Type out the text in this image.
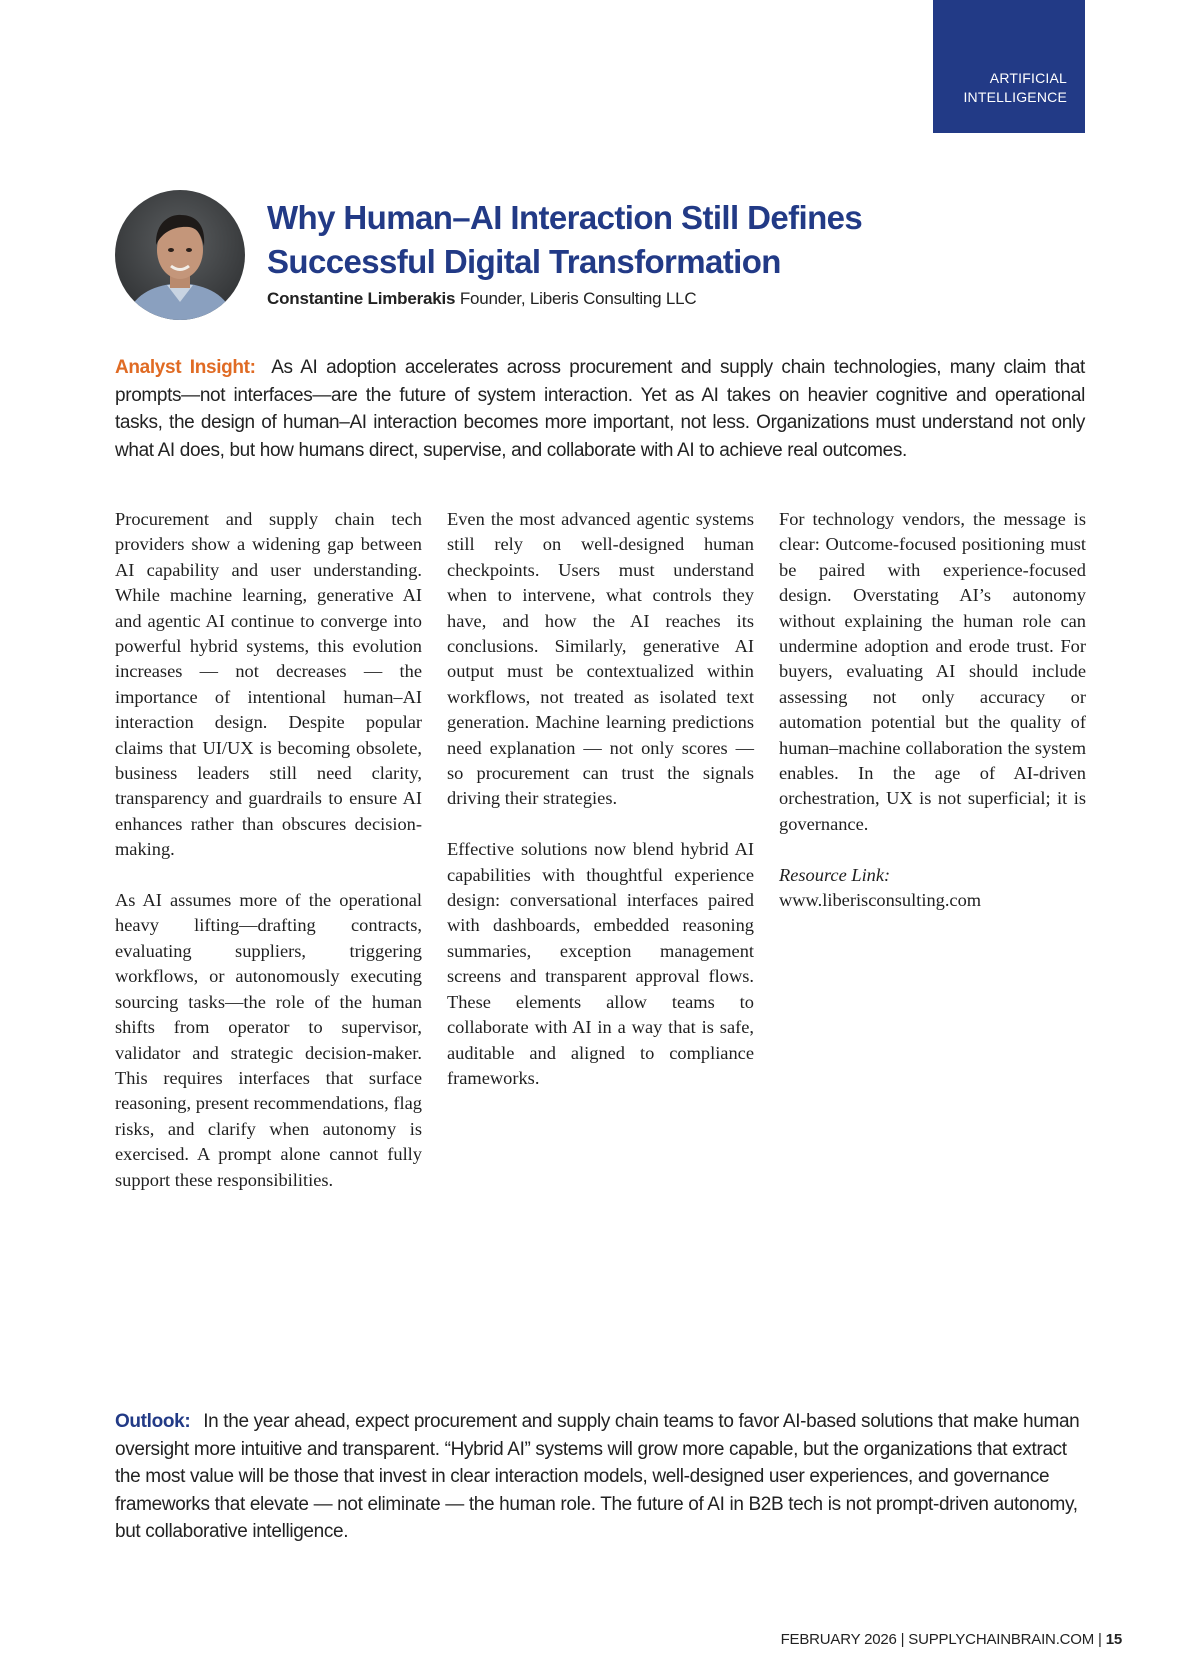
ARTIFICIAL
INTELLIGENCE
Why Human–AI Interaction Still Defines Successful Digital Transformation

Constantine Limberakis Founder, Liberis Consulting LLC

Analyst Insight: As AI adoption accelerates across procurement and supply chain technologies, many claim that prompts—not interfaces—are the future of system interaction. Yet as AI takes on heavier cognitive and operational tasks, the design of human–AI interaction becomes more important, not less. Organizations must understand not only what AI does, but how humans direct, supervise, and collaborate with AI to achieve real outcomes.

Procurement and supply chain tech providers show a widening gap between AI capability and user understanding. While machine learning, generative AI and agentic AI continue to converge into powerful hybrid systems, this evolution increases — not decreases — the importance of intentional human–AI interaction design. Despite popular claims that UI/UX is becoming obsolete, business leaders still need clarity, transparency and guardrails to ensure AI enhances rather than obscures decision-making.

As AI assumes more of the operational heavy lifting—drafting contracts, evaluating suppliers, triggering workflows, or autonomously executing sourcing tasks—the role of the human shifts from operator to supervisor, validator and strategic decision-maker. This requires interfaces that surface reasoning, present recommendations, flag risks, and clarify when autonomy is exercised. A prompt alone cannot fully support these responsibilities.

Even the most advanced agentic systems still rely on well-designed human checkpoints. Users must understand when to intervene, what controls they have, and how the AI reaches its conclusions. Similarly, generative AI output must be contextualized within workflows, not treated as isolated text generation. Machine learning predictions need explanation — not only scores — so procurement can trust the signals driving their strategies.

Effective solutions now blend hybrid AI capabilities with thoughtful experience design: conversational interfaces paired with dashboards, embedded reasoning summaries, exception management screens and transparent approval flows. These elements allow teams to collaborate with AI in a way that is safe, auditable and aligned to compliance frameworks.

For technology vendors, the message is clear: Outcome-focused positioning must be paired with experience-focused design. Overstating AI’s autonomy without explaining the human role can undermine adoption and erode trust. For buyers, evaluating AI should include assessing not only accuracy or automation potential but the quality of human–machine collaboration the system enables. In the age of AI-driven orchestration, UX is not superficial; it is governance.

Resource Link:
www.liberisconsulting.com

Outlook: In the year ahead, expect procurement and supply chain teams to favor AI-based solutions that make human oversight more intuitive and transparent. “Hybrid AI” systems will grow more capable, but the organizations that extract the most value will be those that invest in clear interaction models, well-designed user experiences, and governance frameworks that elevate — not eliminate — the human role. The future of AI in B2B tech is not prompt-driven autonomy, but collaborative intelligence.

FEBRUARY 2026 | SUPPLYCHAINBRAIN.COM | 15
